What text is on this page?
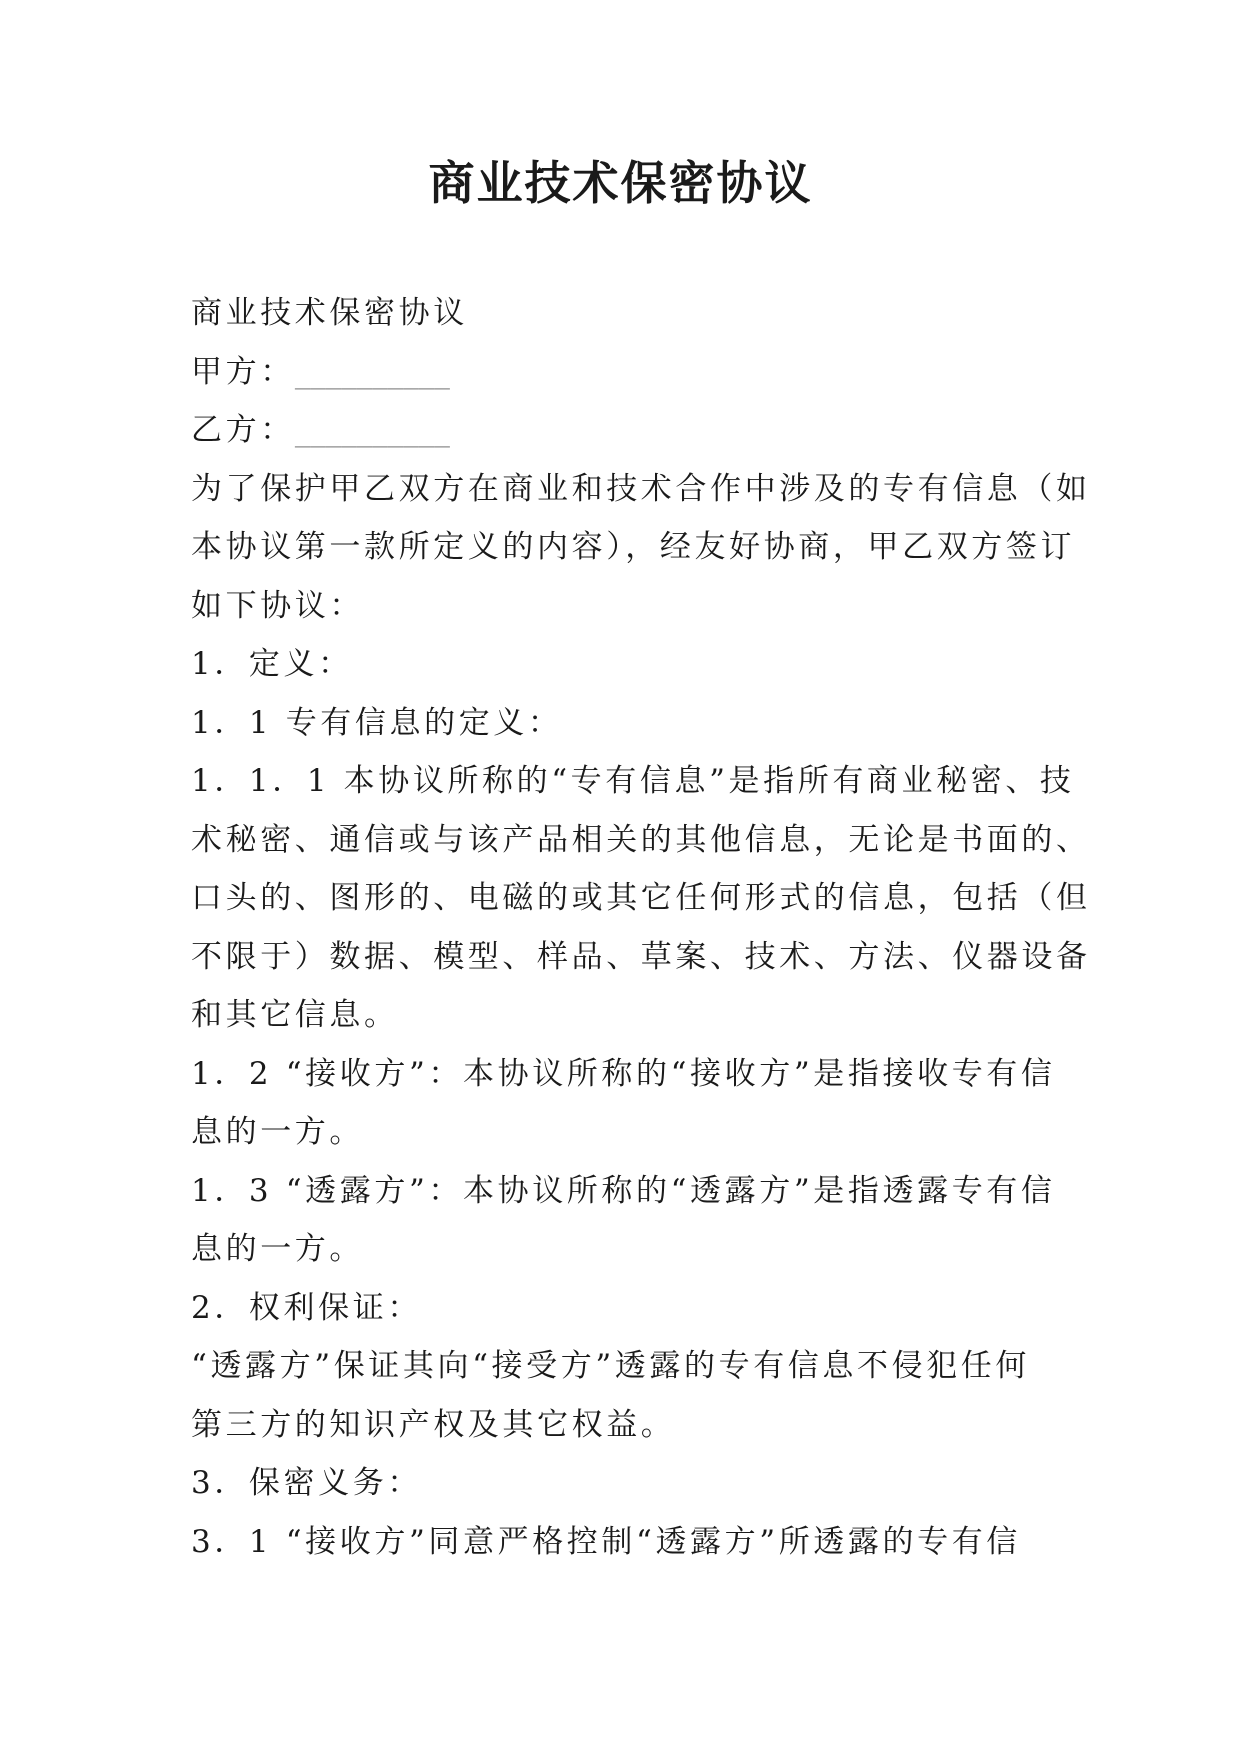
商业技术保密协议

商业技术保密协议

甲方：__________

乙方：__________

为了保护甲乙双方在商业和技术合作中涉及的专有信息（如

本协议第一款所定义的内容），经友好协商，甲乙双方签订

如下协议：

1．定义：

1．1 专有信息的定义：

1．1．1 本协议所称的“专有信息”是指所有商业秘密、技

术秘密、通信或与该产品相关的其他信息，无论是书面的、

口头的、图形的、电磁的或其它任何形式的信息，包括（但

不限于）数据、模型、样品、草案、技术、方法、仪器设备

和其它信息。

1．2 “接收方”：本协议所称的“接收方”是指接收专有信

息的一方。

1．3 “透露方”：本协议所称的“透露方”是指透露专有信

息的一方。

2．权利保证：

“透露方”保证其向“接受方”透露的专有信息不侵犯任何

第三方的知识产权及其它权益。

3．保密义务：

3．1 “接收方”同意严格控制“透露方”所透露的专有信
